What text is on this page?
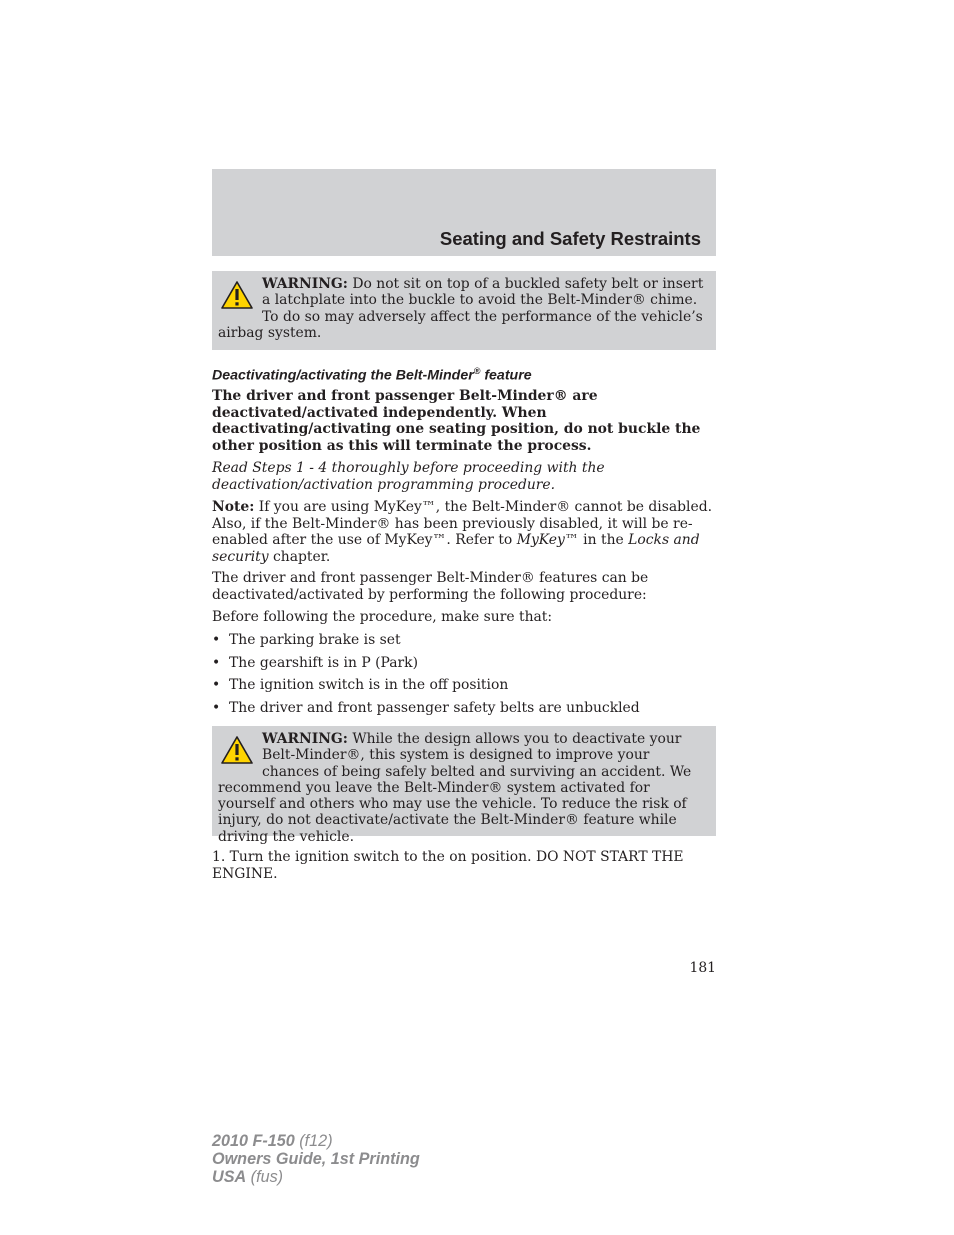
Seating and Safety Restraints
WARNING: Do not sit on top of a buckled safety belt or insert a latchplate into the buckle to avoid the Belt-Minder® chime. To do so may adversely affect the performance of the vehicle’s airbag system.
Deactivating/activating the Belt-Minder® feature
The driver and front passenger Belt-Minder® are deactivated/activated independently. When deactivating/activating one seating position, do not buckle the other position as this will terminate the process.
Read Steps 1 - 4 thoroughly before proceeding with the deactivation/activation programming procedure.
Note: If you are using MyKey™, the Belt-Minder® cannot be disabled. Also, if the Belt-Minder® has been previously disabled, it will be re-enabled after the use of MyKey™. Refer to MyKey™ in the Locks and security chapter.
The driver and front passenger Belt-Minder® features can be deactivated/activated by performing the following procedure:
Before following the procedure, make sure that:
• The parking brake is set
• The gearshift is in P (Park)
• The ignition switch is in the off position
• The driver and front passenger safety belts are unbuckled
WARNING: While the design allows you to deactivate your Belt-Minder®, this system is designed to improve your chances of being safely belted and surviving an accident. We recommend you leave the Belt-Minder® system activated for yourself and others who may use the vehicle. To reduce the risk of injury, do not deactivate/activate the Belt-Minder® feature while driving the vehicle.
1. Turn the ignition switch to the on position. DO NOT START THE ENGINE.
181
2010 F-150 (f12)
Owners Guide, 1st Printing
USA (fus)
